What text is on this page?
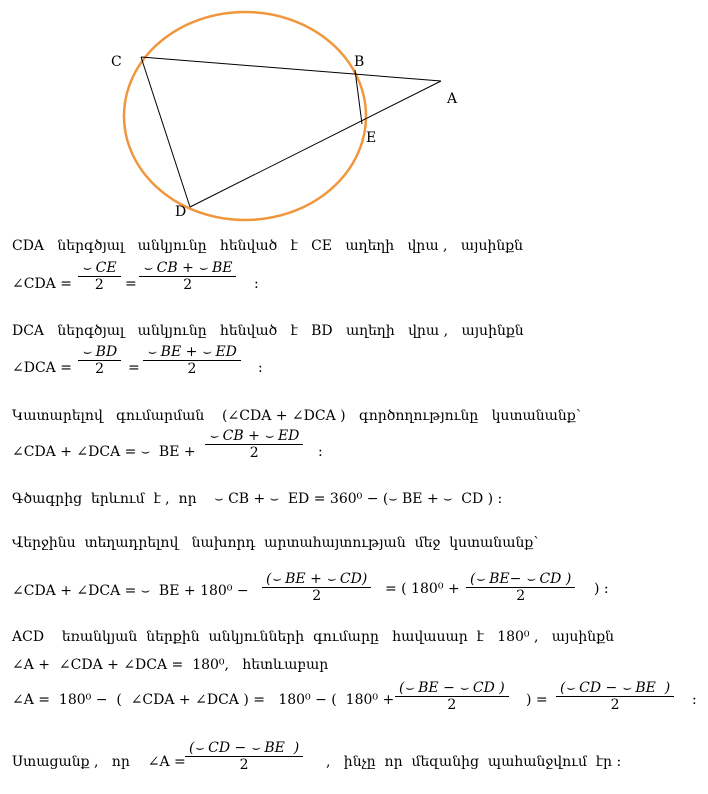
C	B
A
E
D
CDA   ներգծյալ   անկյունը   հենված   է   CE   աղեղի   վրա ,   այսինքն
∠CDA = $\frac{⌣ CE}{2} = \frac{⌣ CB + ⌣ BE}{2}$ :
DCA   ներգծյալ   անկյունը   հենված   է   BD   աղեղի   վրա ,   այսինքն
∠DCA = $\frac{⌣ BD}{2} = \frac{⌣ BE + ⌣ ED}{2}$ :
Կատարելով   գումարման    (∠CDA + ∠DCA )   գործողությունը   կստանանք՝
∠CDA + ∠DCA = ⌣  BE + $\frac{⌣ CB + ⌣ ED}{2}$ :
Գծագրից  երևում  է ,  որ    ⌣ CB + ⌣  ED = 360⁰ − (⌣ BE + ⌣  CD ) :
Վերջինս  տեղադրելով   նախորդ  արտահայտության  մեջ  կստանանք՝
∠CDA + ∠DCA = ⌣  BE + $180^0 - \frac{(⌣ BE + ⌣ CD)}{2}$ = ( $180^0 + \frac{(⌣ BE- ⌣ CD )}{2}$ ) :
ACD    եռանկյան  ներքին  անկյունների  գումարը   հավասար  է   180⁰ ,   այսինքն
∠A +  ∠CDA + ∠DCA =  180⁰,   հետևաբար
∠A =  180⁰ −  (  ∠CDA + ∠DCA ) =   180⁰ − (  $180^0 + \frac{(⌣ BE - ⌣ CD )}{2}$ ) = $\frac{(⌣ CD - ⌣ BE )}{2}$ :
Ստացանք ,   որ    ∠A = $\frac{(⌣ CD - ⌣ BE )}{2}$ ,   ինչը  որ  մեզանից  պահանջվում  էր :
